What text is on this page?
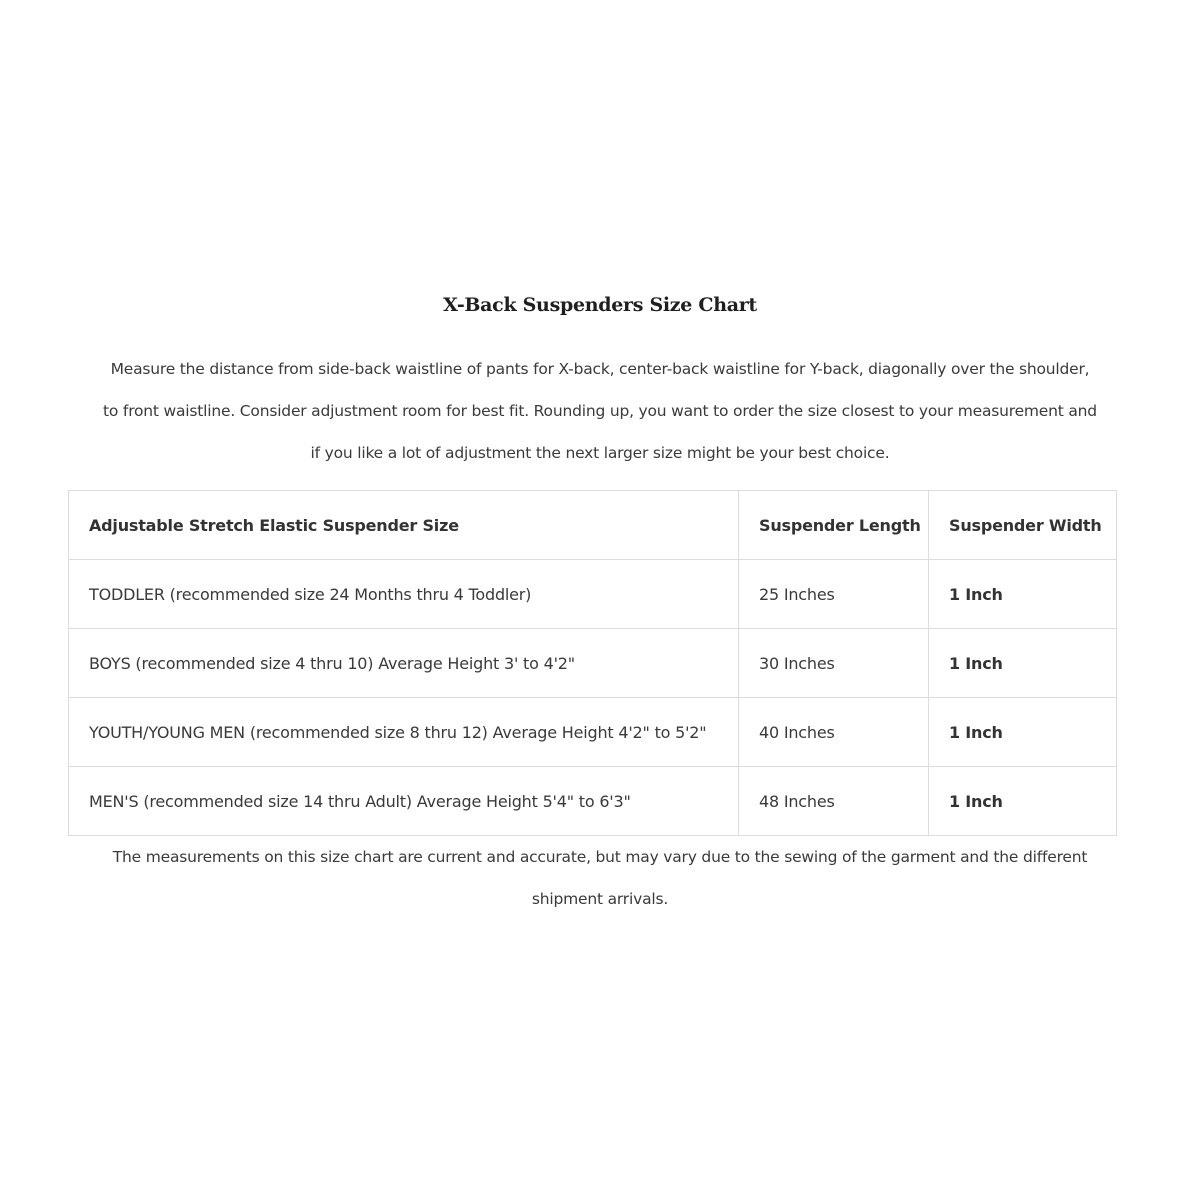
X-Back Suspenders Size Chart

Measure the distance from side-back waistline of pants for X-back, center-back waistline for Y-back, diagonally over the shoulder,
to front waistline. Consider adjustment room for best fit. Rounding up, you want to order the size closest to your measurement and
if you like a lot of adjustment the next larger size might be your best choice.

Adjustable Stretch Elastic Suspender Size	Suspender Length	Suspender Width
TODDLER (recommended size 24 Months thru 4 Toddler)	25 Inches	1 Inch
BOYS (recommended size 4 thru 10) Average Height 3' to 4'2"	30 Inches	1 Inch
YOUTH/YOUNG MEN (recommended size 8 thru 12) Average Height 4'2" to 5'2"	40 Inches	1 Inch
MEN'S (recommended size 14 thru Adult) Average Height 5'4" to 6'3"	48 Inches	1 Inch

The measurements on this size chart are current and accurate, but may vary due to the sewing of the garment and the different
shipment arrivals.
